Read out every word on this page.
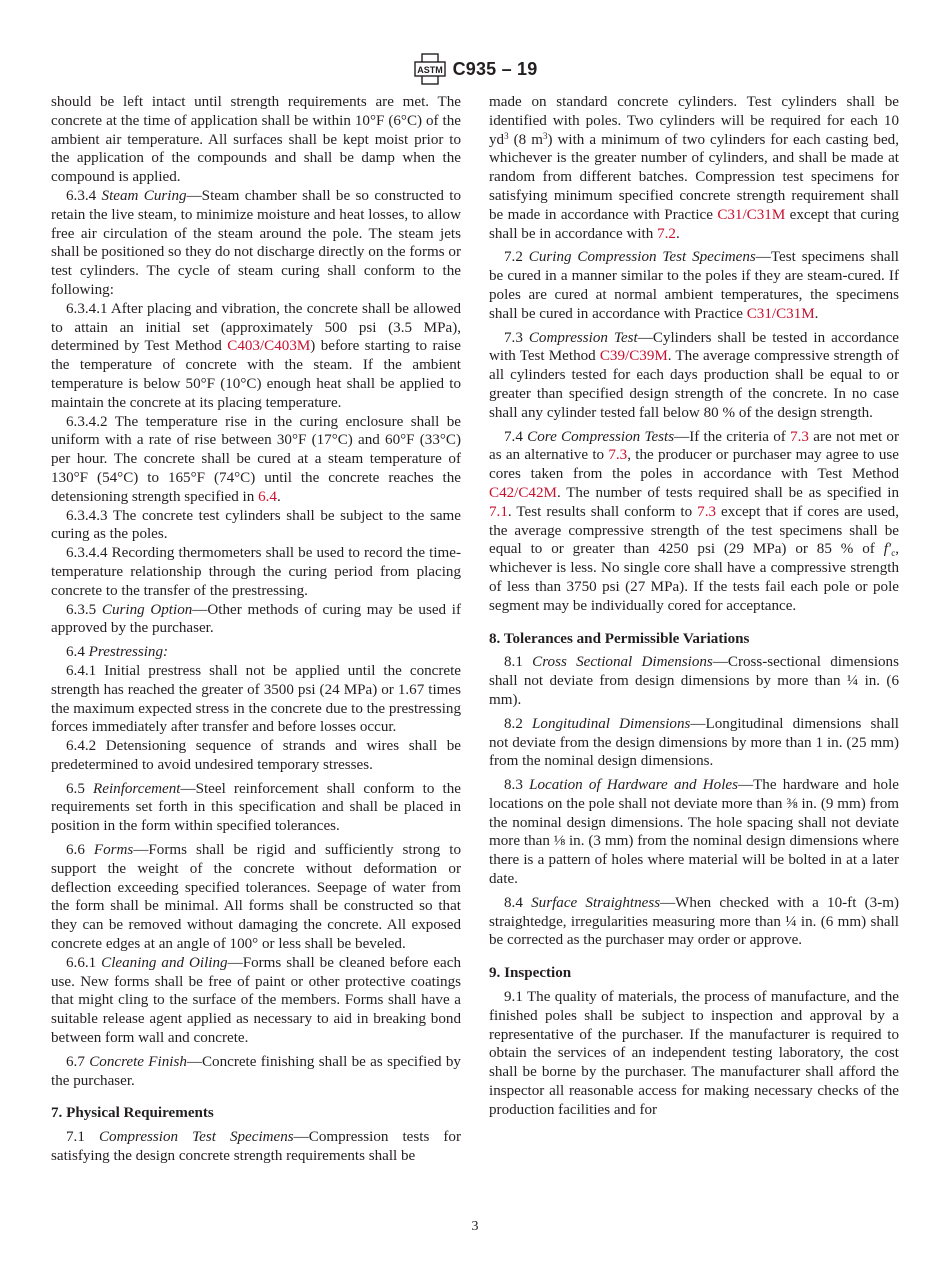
ASTM C935 – 19

should be left intact until strength requirements are met. The concrete at the time of application shall be within 10°F (6°C) of the ambient air temperature. All surfaces shall be kept moist prior to the application of the compounds and shall be damp when the compound is applied.

6.3.4 Steam Curing—Steam chamber shall be so constructed to retain the live steam, to minimize moisture and heat losses, to allow free air circulation of the steam around the pole. The steam jets shall be positioned so they do not discharge directly on the forms or test cylinders. The cycle of steam curing shall conform to the following:

6.3.4.1 After placing and vibration, the concrete shall be allowed to attain an initial set (approximately 500 psi (3.5 MPa), determined by Test Method C403/C403M) before starting to raise the temperature of concrete with the steam. If the ambient temperature is below 50°F (10°C) enough heat shall be applied to maintain the concrete at its placing temperature.

6.3.4.2 The temperature rise in the curing enclosure shall be uniform with a rate of rise between 30°F (17°C) and 60°F (33°C) per hour. The concrete shall be cured at a steam temperature of 130°F (54°C) to 165°F (74°C) until the concrete reaches the detensioning strength specified in 6.4.

6.3.4.3 The concrete test cylinders shall be subject to the same curing as the poles.

6.3.4.4 Recording thermometers shall be used to record the time-temperature relationship through the curing period from placing concrete to the transfer of the prestressing.

6.3.5 Curing Option—Other methods of curing may be used if approved by the purchaser.

6.4 Prestressing:

6.4.1 Initial prestress shall not be applied until the concrete strength has reached the greater of 3500 psi (24 MPa) or 1.67 times the maximum expected stress in the concrete due to the prestressing forces immediately after transfer and before losses occur.

6.4.2 Detensioning sequence of strands and wires shall be predetermined to avoid undesired temporary stresses.

6.5 Reinforcement—Steel reinforcement shall conform to the requirements set forth in this specification and shall be placed in position in the form within specified tolerances.

6.6 Forms—Forms shall be rigid and sufficiently strong to support the weight of the concrete without deformation or deflection exceeding specified tolerances. Seepage of water from the form shall be minimal. All forms shall be constructed so that they can be removed without damaging the concrete. All exposed concrete edges at an angle of 100° or less shall be beveled.

6.6.1 Cleaning and Oiling—Forms shall be cleaned before each use. New forms shall be free of paint or other protective coatings that might cling to the surface of the members. Forms shall have a suitable release agent applied as necessary to aid in breaking bond between form wall and concrete.

6.7 Concrete Finish—Concrete finishing shall be as specified by the purchaser.

7. Physical Requirements

7.1 Compression Test Specimens—Compression tests for satisfying the design concrete strength requirements shall be

made on standard concrete cylinders. Test cylinders shall be identified with poles. Two cylinders will be required for each 10 $yd^3$ (8 $m^3$) with a minimum of two cylinders for each casting bed, whichever is the greater number of cylinders, and shall be made at random from different batches. Compression test specimens for satisfying minimum specified concrete strength requirement shall be made in accordance with Practice C31/C31M except that curing shall be in accordance with 7.2.

7.2 Curing Compression Test Specimens—Test specimens shall be cured in a manner similar to the poles if they are steam-cured. If poles are cured at normal ambient temperatures, the specimens shall be cured in accordance with Practice C31/C31M.

7.3 Compression Test—Cylinders shall be tested in accordance with Test Method C39/C39M. The average compressive strength of all cylinders tested for each days production shall be equal to or greater than specified design strength of the concrete. In no case shall any cylinder tested fall below 80 % of the design strength.

7.4 Core Compression Tests—If the criteria of 7.3 are not met or as an alternative to 7.3, the producer or purchaser may agree to use cores taken from the poles in accordance with Test Method C42/C42M. The number of tests required shall be as specified in 7.1. Test results shall conform to 7.3 except that if cores are used, the average compressive strength of the test specimens shall be equal to or greater than 4250 psi (29 MPa) or 85 % of $f'_c$, whichever is less. No single core shall have a compressive strength of less than 3750 psi (27 MPa). If the tests fail each pole or pole segment may be individually cored for acceptance.

8. Tolerances and Permissible Variations

8.1 Cross Sectional Dimensions—Cross-sectional dimensions shall not deviate from design dimensions by more than ¼ in. (6 mm).

8.2 Longitudinal Dimensions—Longitudinal dimensions shall not deviate from the design dimensions by more than 1 in. (25 mm) from the nominal design dimensions.

8.3 Location of Hardware and Holes—The hardware and hole locations on the pole shall not deviate more than ⅜ in. (9 mm) from the nominal design dimensions. The hole spacing shall not deviate more than ⅛ in. (3 mm) from the nominal design dimensions where there is a pattern of holes where material will be bolted in at a later date.

8.4 Surface Straightness—When checked with a 10-ft (3-m) straightedge, irregularities measuring more than ¼ in. (6 mm) shall be corrected as the purchaser may order or approve.

9. Inspection

9.1 The quality of materials, the process of manufacture, and the finished poles shall be subject to inspection and approval by a representative of the purchaser. If the manufacturer is required to obtain the services of an independent testing laboratory, the cost shall be borne by the purchaser. The manufacturer shall afford the inspector all reasonable access for making necessary checks of the production facilities and for

3
